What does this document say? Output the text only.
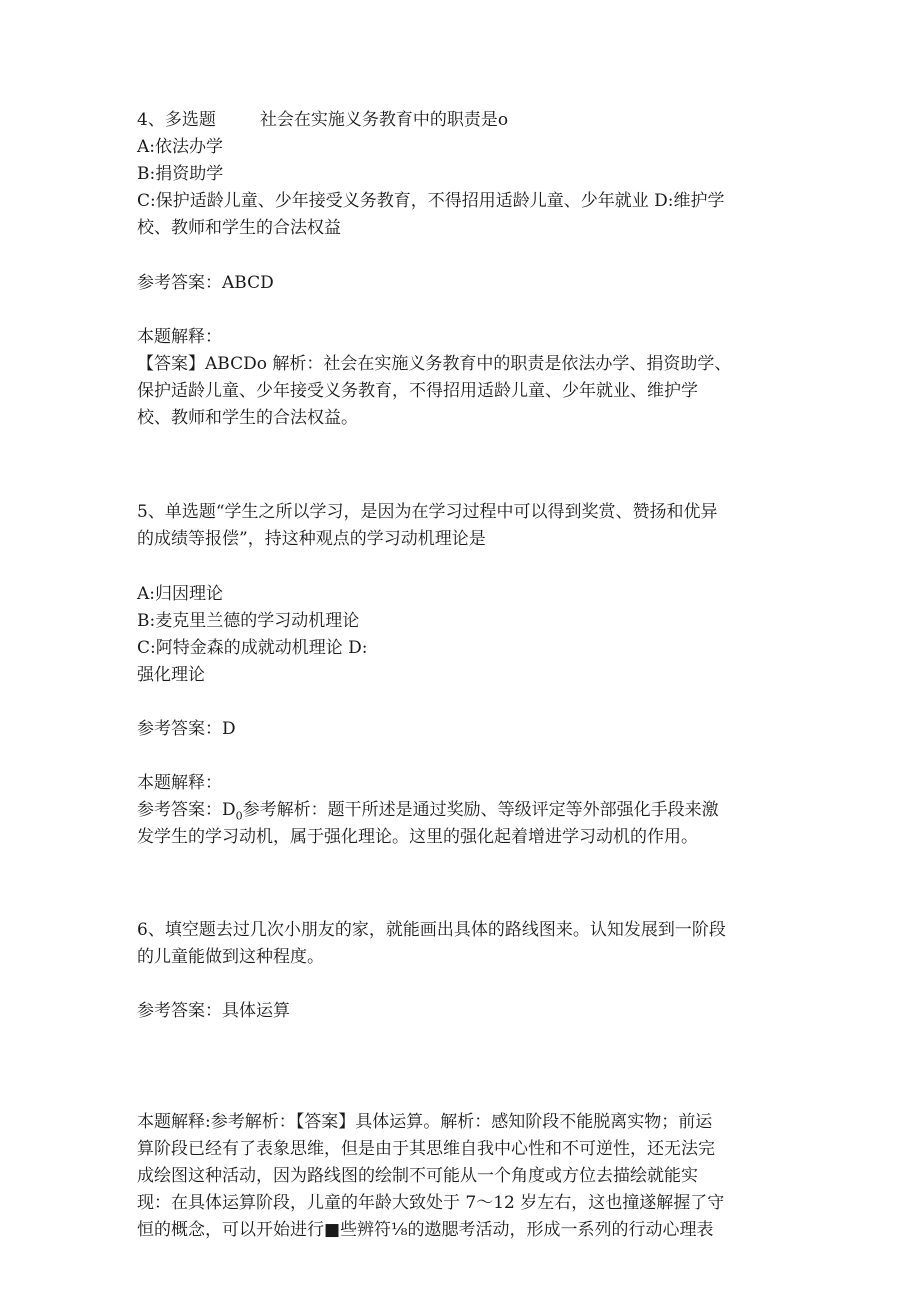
4、多选题	社会在实施义务教育中的职责是o

A:依法办学

B:捐资助学

C:保护适龄儿童、少年接受义务教育，不得招用适龄儿童、少年就业 D:维护学

校、教师和学生的合法权益

参考答案：ABCD

本题解释：

【答案】ABCDo 解析：社会在实施义务教育中的职责是依法办学、捐资助学、

保护适龄儿童、少年接受义务教育，不得招用适龄儿童、少年就业、维护学

校、教师和学生的合法权益。

5、单选题“学生之所以学习，是因为在学习过程中可以得到奖赏、赞扬和优异

的成绩等报偿”，持这种观点的学习动机理论是

A:归因理论

B:麦克里兰德的学习动机理论

C:阿特金森的成就动机理论 D:

强化理论

参考答案：D

本题解释：

参考答案：$D_0$参考解析：题干所述是通过奖励、等级评定等外部强化手段来激

发学生的学习动机，属于强化理论。这里的强化起着增进学习动机的作用。

6、填空题去过几次小朋友的家，就能画出具体的路线图来。认知发展到一阶段

的儿童能做到这种程度。

参考答案：具体运算

本题解释:参考解析：【答案】具体运算。解析：感知阶段不能脱离实物；前运

算阶段已经有了表象思维，但是由于其思维自我中心性和不可逆性，还无法完

成绘图这种活动，因为路线图的绘制不可能从一个角度或方位去描绘就能实

现：在具体运算阶段，儿童的年龄大致处于 7～12 岁左右，这也撞遂解握了守

恒的概念，可以开始进行■些辨符⅛的遨腮考活动，形成一系列的行动心理表
